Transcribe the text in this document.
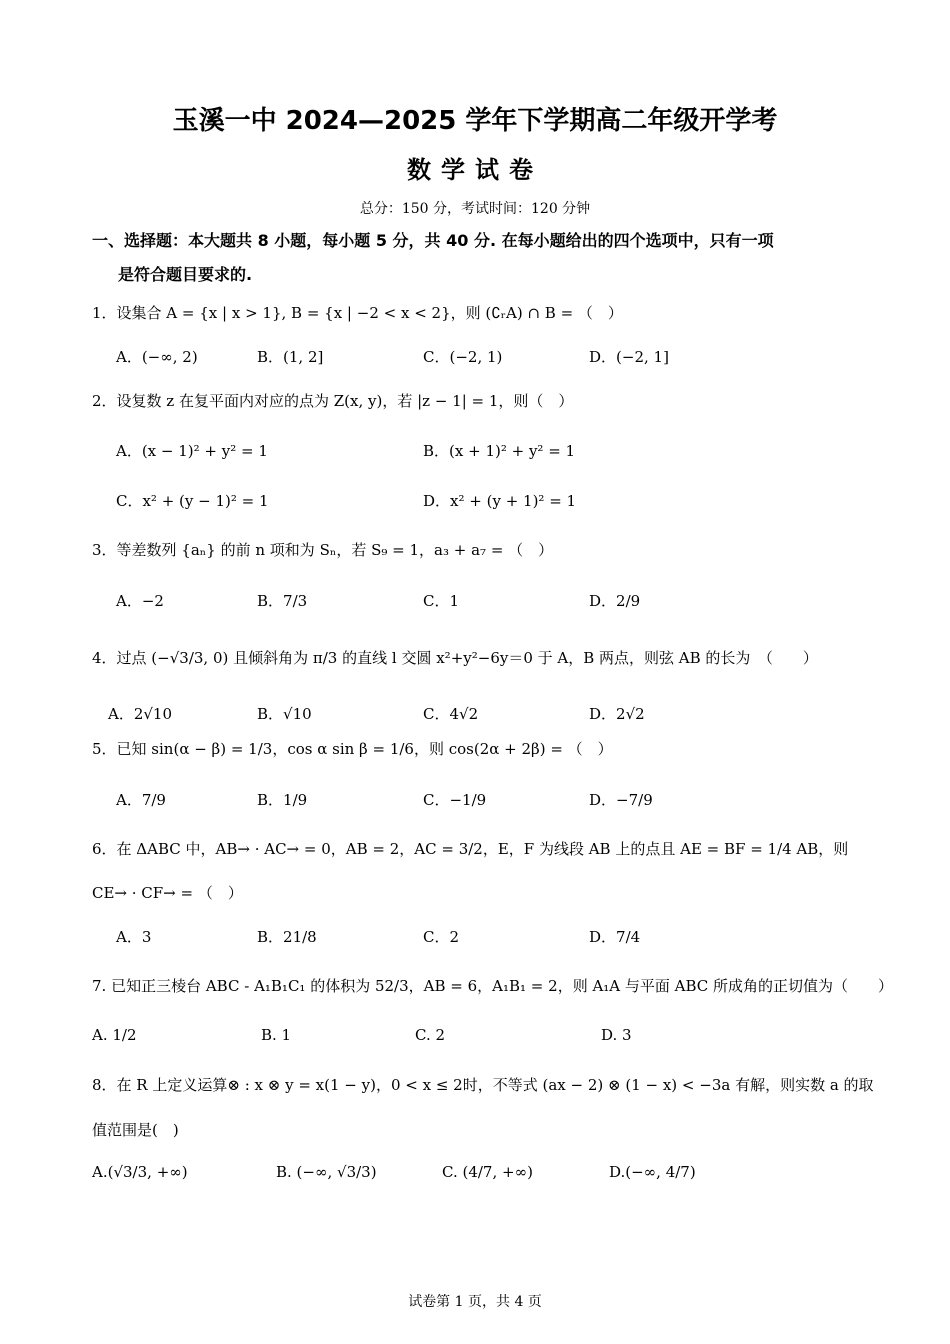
玉溪一中 2024—2025 学年下学期高二年级开学考
数学试卷
总分：150 分，考试时间：120 分钟
一、选择题：本大题共 8 小题，每小题 5 分，共 40 分. 在每小题给出的四个选项中，只有一项
是符合题目要求的.
1．设集合 A = {x | x > 1}, B = {x | −2 < x < 2}，则 (∁ᵣA) ∩ B = （　）
A．(−∞, 2)	B．(1, 2]	C．(−2, 1)	D．(−2, 1]
2．设复数 z 在复平面内对应的点为 Z(x, y)，若 |z − 1| = 1，则（　）
A．(x − 1)² + y² = 1	B．(x + 1)² + y² = 1
C．x² + (y − 1)² = 1	D．x² + (y + 1)² = 1
3．等差数列 {aₙ} 的前 n 项和为 Sₙ，若 S₉ = 1，a₃ + a₇ = （　）
A．−2	B．7/3	C．1	D．2/9
4．过点 (−√3/3, 0) 且倾斜角为 π/3 的直线 l 交圆 x²+y²−6y＝0 于 A，B 两点，则弦 AB 的长为　（　　）
A．2√10	B．√10	C．4√2	D．2√2
5．已知 sin(α − β) = 1/3，cos α sin β = 1/6，则 cos(2α + 2β) = （　）
A．7/9	B．1/9	C．−1/9	D．−7/9
6．在 ΔABC 中，AB→ · AC→ = 0，AB = 2，AC = 3/2，E，F 为线段 AB 上的点且 AE = BF = 1/4 AB，则
CE→ · CF→ = （　）
A．3	B．21/8	C．2	D．7/4
7. 已知正三棱台 ABC - A₁B₁C₁ 的体积为 52/3，AB = 6，A₁B₁ = 2，则 A₁A 与平面 ABC 所成角的正切值为（　　）
A. 1/2	B. 1	C. 2	D. 3
8．在 R 上定义运算⊗ : x ⊗ y = x(1 − y)，0 < x ≤ 2时，不等式 (ax − 2) ⊗ (1 − x) < −3a 有解，则实数 a 的取
值范围是(　)
A.(√3/3, +∞)	B. (−∞, √3/3)	C. (4/7, +∞)	D.(−∞, 4/7)
试卷第 1 页，共 4 页
